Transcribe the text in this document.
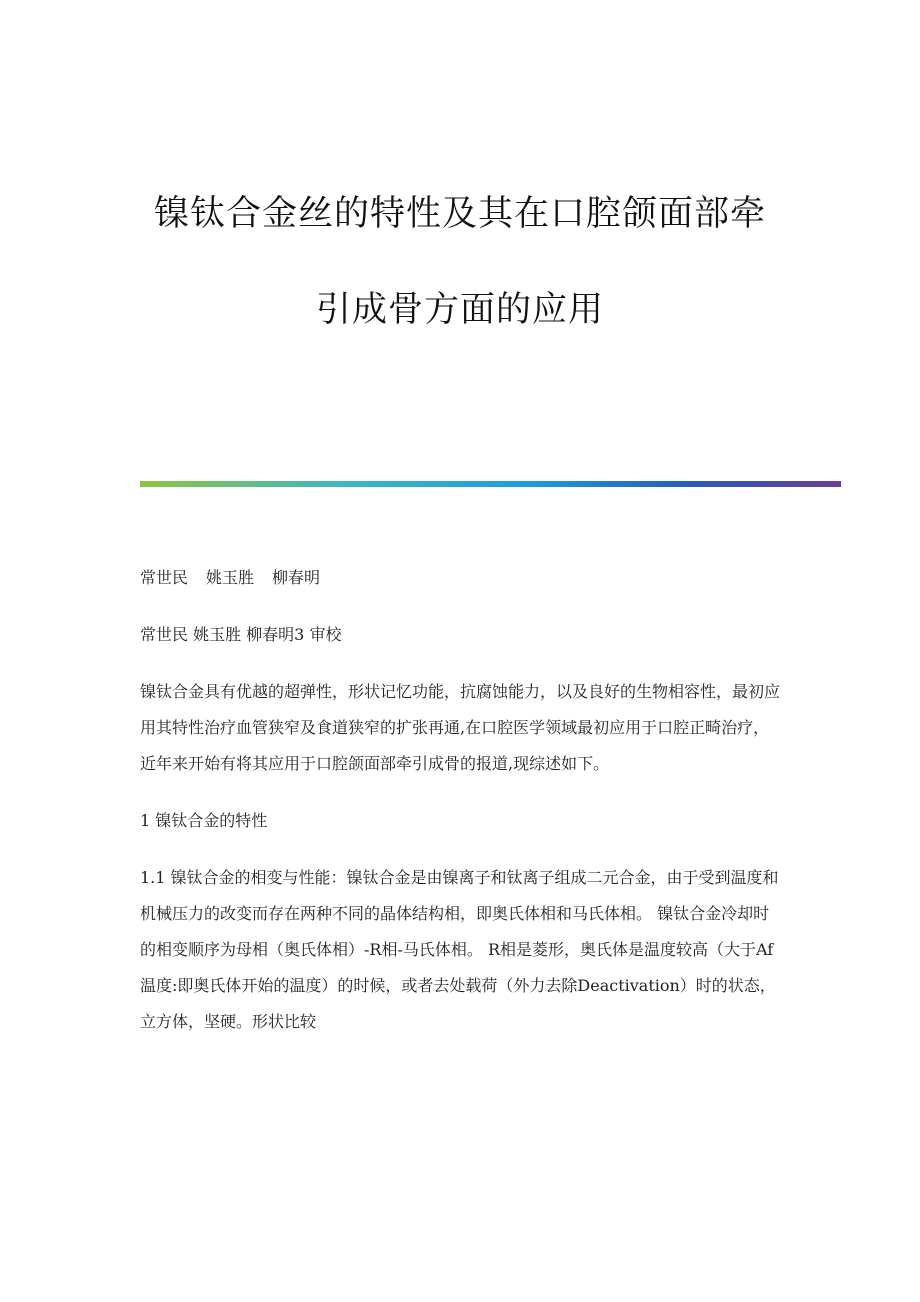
镍钛合金丝的特性及其在口腔颌面部牵

引成骨方面的应用

常世民 姚玉胜 柳春明

常世民 姚玉胜 柳春明3 审校

镍钛合金具有优越的超弹性，形状记忆功能，抗腐蚀能力，以及良好的生物相容性，最初应用其特性治疗血管狭窄及食道狭窄的扩张再通,在口腔医学领域最初应用于口腔正畸治疗，近年来开始有将其应用于口腔颌面部牵引成骨的报道,现综述如下。

1 镍钛合金的特性

1.1 镍钛合金的相变与性能：镍钛合金是由镍离子和钛离子组成二元合金，由于受到温度和机械压力的改变而存在两种不同的晶体结构相，即奥氏体相和马氏体相。 镍钛合金冷却时的相变顺序为母相（奥氏体相）-R相-马氏体相。 R相是菱形，奥氏体是温度较高（大于Af温度:即奥氏体开始的温度）的时候，或者去处载荷（外力去除Deactivation）时的状态，立方体，坚硬。形状比较
